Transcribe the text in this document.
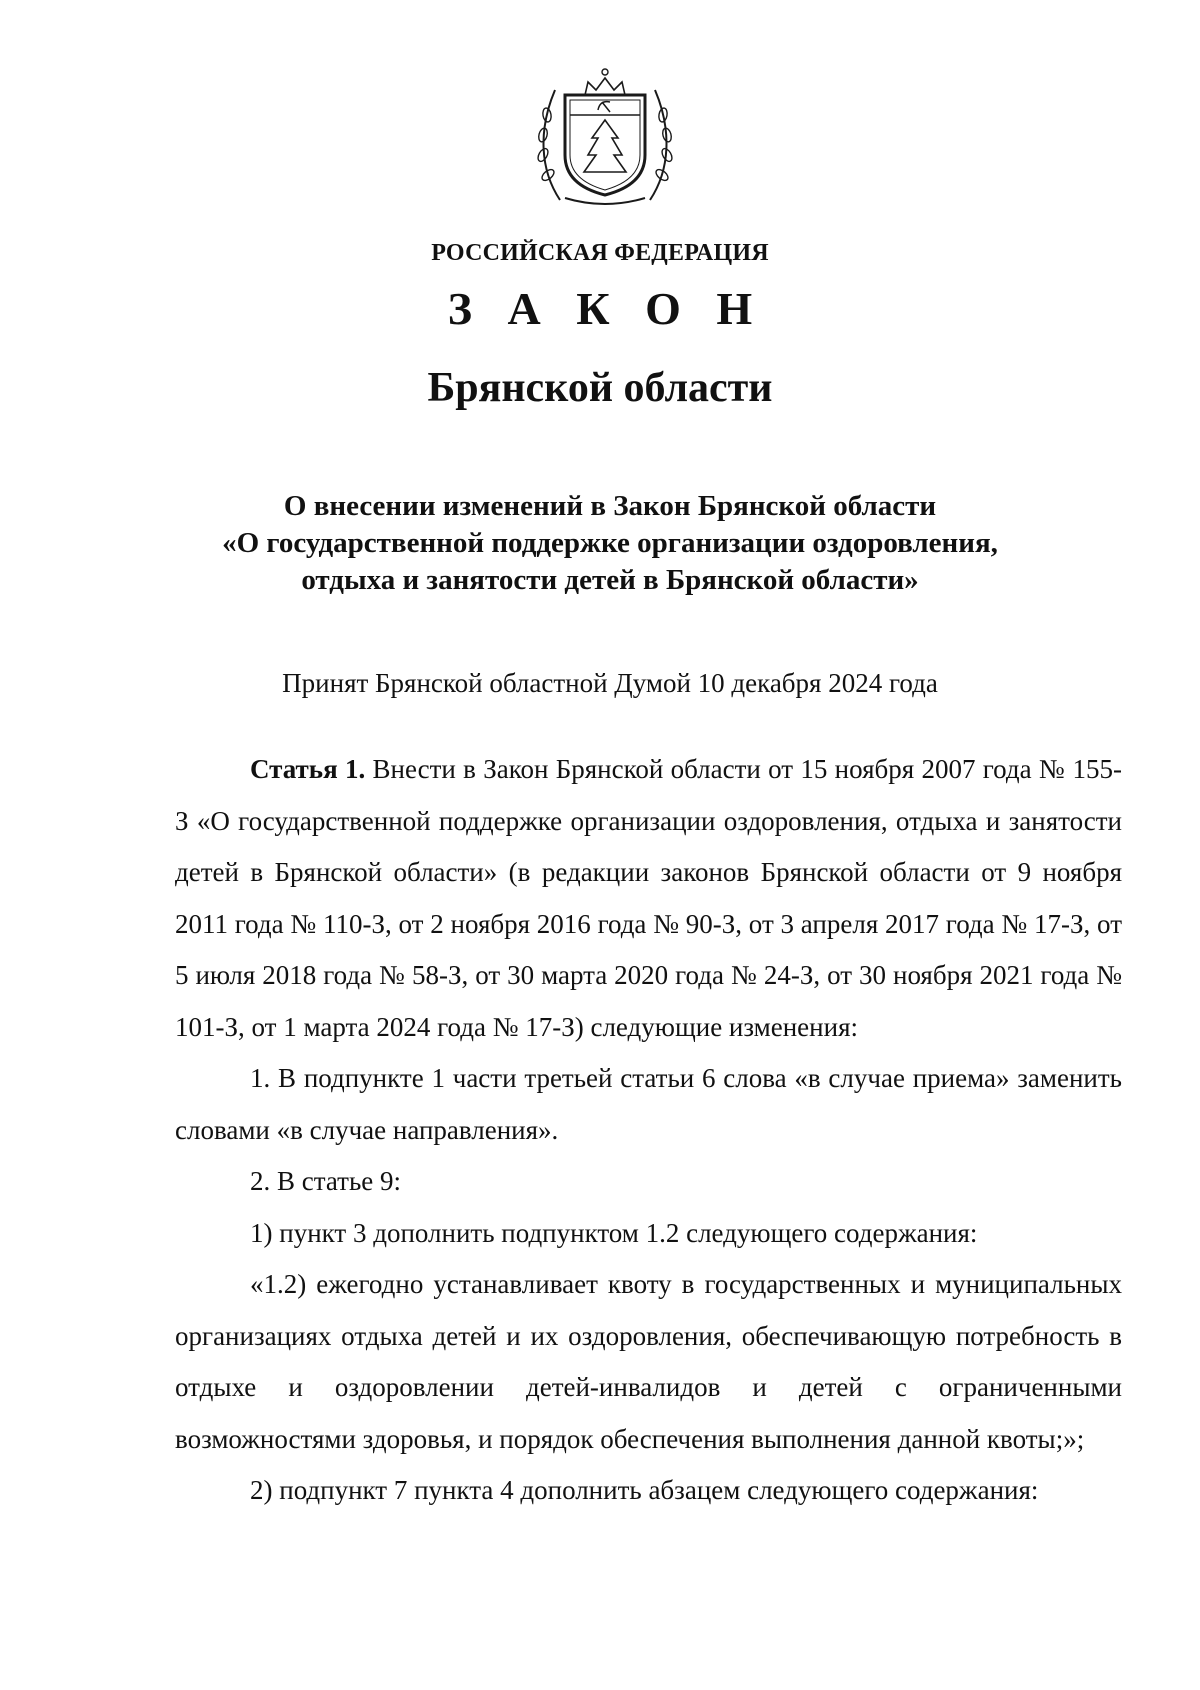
РОССИЙСКАЯ ФЕДЕРАЦИЯ
З А К О Н
Брянской области
О внесении изменений в Закон Брянской области
«О государственной поддержке организации оздоровления,
отдыха и занятости детей в Брянской области»
Принят Брянской областной Думой 10 декабря 2024 года

Статья 1. Внести в Закон Брянской области от 15 ноября 2007 года № 155-З «О государственной поддержке организации оздоровления, отдыха и занятости детей в Брянской области» (в редакции законов Брянской области от 9 ноября 2011 года № 110-З, от 2 ноября 2016 года № 90-З, от 3 апреля 2017 года № 17-З, от 5 июля 2018 года № 58-З, от 30 марта 2020 года № 24-З, от 30 ноября 2021 года № 101-З, от 1 марта 2024 года № 17-З) следующие изменения:

1. В подпункте 1 части третьей статьи 6 слова «в случае приема» заменить словами «в случае направления».

2. В статье 9:

1) пункт 3 дополнить подпунктом 1.2 следующего содержания:

«1.2) ежегодно устанавливает квоту в государственных и муниципальных организациях отдыха детей и их оздоровления, обеспечивающую потребность в отдыхе и оздоровлении детей-инвалидов и детей с ограниченными возможностями здоровья, и порядок обеспечения выполнения данной квоты;»;

2) подпункт 7 пункта 4 дополнить абзацем следующего содержания:
